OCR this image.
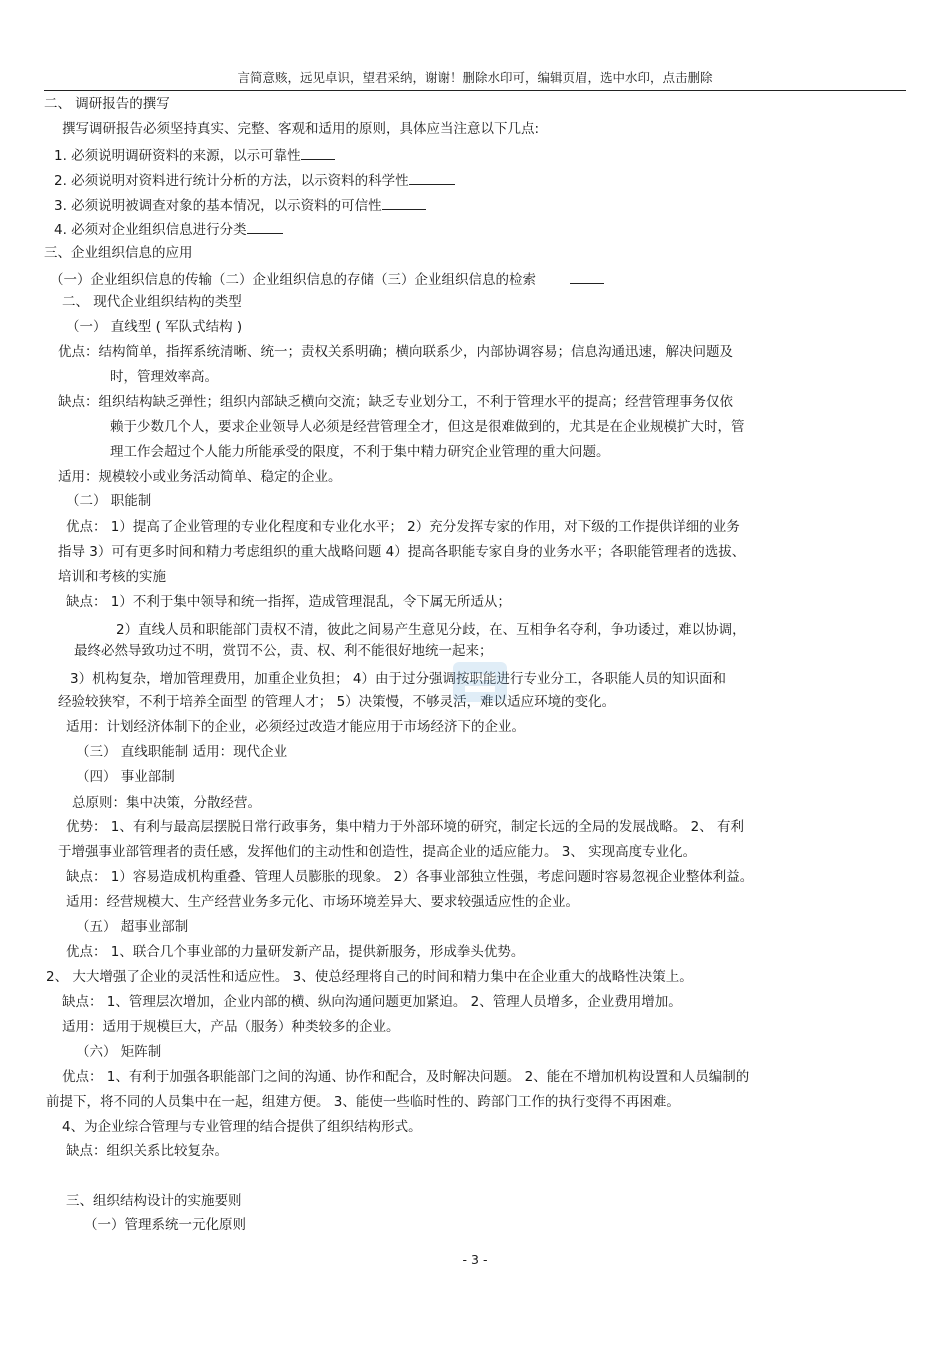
言简意赅，远见卓识，望君采纳，谢谢！删除水印可，编辑页眉，选中水印，点击删除
二、 调研报告的撰写
撰写调研报告必须坚持真实、完整、客观和适用的原则，具体应当注意以下几点:
1. 必须说明调研资料的来源，以示可靠性
2. 必须说明对资料进行统计分析的方法，以示资料的科学性
3. 必须说明被调查对象的基本情况，以示资料的可信性
4. 必须对企业组织信息进行分类
三、企业组织信息的应用
（一）企业组织信息的传输（二）企业组织信息的存储（三）企业组织信息的检索
二、 现代企业组织结构的类型
（一） 直线型 ( 军队式结构 )
优点：结构简单，指挥系统清晰、统一；责权关系明确；横向联系少，内部协调容易；信息沟通迅速，解决问题及
时，管理效率高。
缺点：组织结构缺乏弹性；组织内部缺乏横向交流；缺乏专业划分工，不利于管理水平的提高；经营管理事务仅依
赖于少数几个人，要求企业领导人必须是经营管理全才，但这是很难做到的，尤其是在企业规模扩大时，管
理工作会超过个人能力所能承受的限度，不利于集中精力研究企业管理的重大问题。
适用：规模较小或业务活动简单、稳定的企业。
（二） 职能制
优点： 1）提高了企业管理的专业化程度和专业化水平； 2）充分发挥专家的作用，对下级的工作提供详细的业务
指导 3）可有更多时间和精力考虑组织的重大战略问题 4）提高各职能专家自身的业务水平；各职能管理者的选拔、
培训和考核的实施
缺点： 1）不利于集中领导和统一指挥，造成管理混乱，令下属无所适从；
2）直线人员和职能部门责权不清，彼此之间易产生意见分歧，在、互相争名夺利，争功诿过，难以协调，
最终必然导致功过不明，赏罚不公，责、权、利不能很好地统一起来；
3）机构复杂，增加管理费用，加重企业负担； 4）由于过分强调按职能进行专业分工，各职能人员的知识面和
经验较狭窄，不利于培养全面型 的管理人才； 5）决策慢，不够灵活，难以适应环境的变化。
适用：计划经济体制下的企业，必须经过改造才能应用于市场经济下的企业。
（三） 直线职能制 适用：现代企业
（四） 事业部制
总原则：集中决策，分散经营。
优势： 1、有利与最高层摆脱日常行政事务，集中精力于外部环境的研究，制定长远的全局的发展战略。 2、 有利
于增强事业部管理者的责任感，发挥他们的主动性和创造性，提高企业的适应能力。 3、 实现高度专业化。
缺点： 1）容易造成机构重叠、管理人员膨胀的现象。 2）各事业部独立性强，考虑问题时容易忽视企业整体利益。
适用：经营规模大、生产经营业务多元化、市场环境差异大、要求较强适应性的企业。
（五） 超事业部制
优点： 1、联合几个事业部的力量研发新产品，提供新服务，形成拳头优势。
2、 大大增强了企业的灵活性和适应性。 3、使总经理将自己的时间和精力集中在企业重大的战略性决策上。
缺点： 1、管理层次增加，企业内部的横、纵向沟通问题更加紧迫。 2、管理人员增多，企业费用增加。
适用：适用于规模巨大，产品（服务）种类较多的企业。
（六） 矩阵制
优点： 1、有利于加强各职能部门之间的沟通、协作和配合，及时解决问题。 2、能在不增加机构设置和人员编制的
前提下，将不同的人员集中在一起，组建方便。 3、能使一些临时性的、跨部门工作的执行变得不再困难。
4、为企业综合管理与专业管理的结合提供了组织结构形式。
缺点：组织关系比较复杂。
三、组织结构设计的实施要则
（一）管理系统一元化原则
- 3 -
